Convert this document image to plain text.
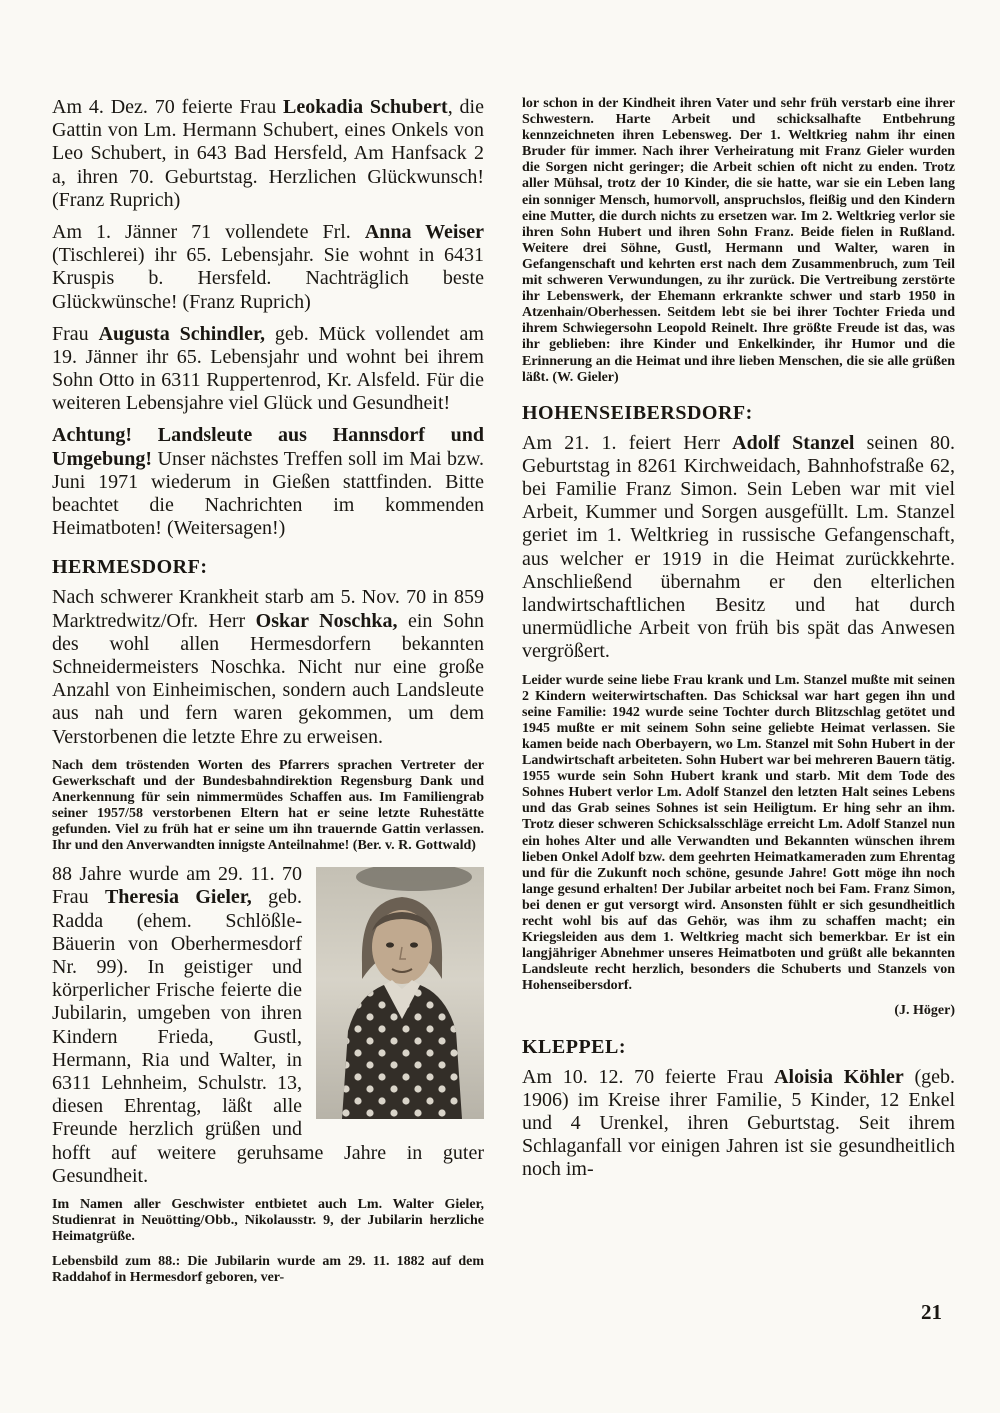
Am 4. Dez. 70 feierte Frau Leokadia Schubert, die Gattin von Lm. Hermann Schubert, eines Onkels von Leo Schubert, in 643 Bad Hersfeld, Am Hanfsack 2 a, ihren 70. Geburtstag. Herzlichen Glückwunsch! (Franz Ruprich)

Am 1. Jänner 71 vollendete Frl. Anna Weiser (Tischlerei) ihr 65. Lebensjahr. Sie wohnt in 6431 Kruspis b. Hersfeld. Nachträglich beste Glückwünsche! (Franz Ruprich)

Frau Augusta Schindler, geb. Mück vollendet am 19. Jänner ihr 65. Lebensjahr und wohnt bei ihrem Sohn Otto in 6311 Ruppertenrod, Kr. Alsfeld. Für die weiteren Lebensjahre viel Glück und Gesundheit!

Achtung! Landsleute aus Hannsdorf und Umgebung! Unser nächstes Treffen soll im Mai bzw. Juni 1971 wiederum in Gießen stattfinden. Bitte beachtet die Nachrichten im kommenden Heimatboten! (Weitersagen!)

HERMESDORF:

Nach schwerer Krankheit starb am 5. Nov. 70 in 859 Marktredwitz/Ofr. Herr Oskar Noschka, ein Sohn des wohl allen Hermesdorfern bekannten Schneidermeisters Noschka. Nicht nur eine große Anzahl von Einheimischen, sondern auch Landsleute aus nah und fern waren gekommen, um dem Verstorbenen die letzte Ehre zu erweisen.

Nach dem tröstenden Worten des Pfarrers sprachen Vertreter der Gewerkschaft und der Bundesbahndirektion Regensburg Dank und Anerkennung für sein nimmermüdes Schaffen aus. Im Familiengrab seiner 1957/58 verstorbenen Eltern hat er seine letzte Ruhestätte gefunden. Viel zu früh hat er seine um ihn trauernde Gattin verlassen. Ihr und den Anverwandten innigste Anteilnahme! (Ber. v. R. Gottwald)

88 Jahre wurde am 29. 11. 70 Frau Theresia Gieler, geb. Radda (ehem. Schlößle-Bäuerin von Oberhermesdorf Nr. 99). In geistiger und körperlicher Frische feierte die Jubilarin, umgeben von ihren Kindern Frieda, Gustl, Hermann, Ria und Walter, in 6311 Lehnheim, Schulstr. 13, diesen Ehrentag, läßt alle Freunde herzlich grüßen und hofft auf weitere geruhsame Jahre in guter Gesundheit.

Im Namen aller Geschwister entbietet auch Lm. Walter Gieler, Studienrat in Neuötting/Obb., Nikolausstr. 9, der Jubilarin herzliche Heimatgrüße.

Lebensbild zum 88.: Die Jubilarin wurde am 29. 11. 1882 auf dem Raddahof in Hermesdorf geboren, ver-

lor schon in der Kindheit ihren Vater und sehr früh verstarb eine ihrer Schwestern. Harte Arbeit und schicksalhafte Entbehrung kennzeichneten ihren Lebensweg. Der 1. Weltkrieg nahm ihr einen Bruder für immer. Nach ihrer Verheiratung mit Franz Gieler wurden die Sorgen nicht geringer; die Arbeit schien oft nicht zu enden. Trotz aller Mühsal, trotz der 10 Kinder, die sie hatte, war sie ein Leben lang ein sonniger Mensch, humorvoll, anspruchslos, fleißig und den Kindern eine Mutter, die durch nichts zu ersetzen war. Im 2. Weltkrieg verlor sie ihren Sohn Hubert und ihren Sohn Franz. Beide fielen in Rußland. Weitere drei Söhne, Gustl, Hermann und Walter, waren in Gefangenschaft und kehrten erst nach dem Zusammenbruch, zum Teil mit schweren Verwundungen, zu ihr zurück. Die Vertreibung zerstörte ihr Lebenswerk, der Ehemann erkrankte schwer und starb 1950 in Atzenhain/Oberhessen. Seitdem lebt sie bei ihrer Tochter Frieda und ihrem Schwiegersohn Leopold Reinelt. Ihre größte Freude ist das, was ihr geblieben: ihre Kinder und Enkelkinder, ihr Humor und die Erinnerung an die Heimat und ihre lieben Menschen, die sie alle grüßen läßt. (W. Gieler)

HOHENSEIBERSDORF:

Am 21. 1. feiert Herr Adolf Stanzel seinen 80. Geburtstag in 8261 Kirchweidach, Bahnhofstraße 62, bei Familie Franz Simon. Sein Leben war mit viel Arbeit, Kummer und Sorgen ausgefüllt. Lm. Stanzel geriet im 1. Weltkrieg in russische Gefangenschaft, aus welcher er 1919 in die Heimat zurückkehrte. Anschließend übernahm er den elterlichen landwirtschaftlichen Besitz und hat durch unermüdliche Arbeit von früh bis spät das Anwesen vergrößert.

Leider wurde seine liebe Frau krank und Lm. Stanzel mußte mit seinen 2 Kindern weiterwirtschaften. Das Schicksal war hart gegen ihn und seine Familie: 1942 wurde seine Tochter durch Blitzschlag getötet und 1945 mußte er mit seinem Sohn seine geliebte Heimat verlassen. Sie kamen beide nach Oberbayern, wo Lm. Stanzel mit Sohn Hubert in der Landwirtschaft arbeiteten. Sohn Hubert war bei mehreren Bauern tätig. 1955 wurde sein Sohn Hubert krank und starb. Mit dem Tode des Sohnes Hubert verlor Lm. Adolf Stanzel den letzten Halt seines Lebens und das Grab seines Sohnes ist sein Heiligtum. Er hing sehr an ihm. Trotz dieser schweren Schicksalsschläge erreicht Lm. Adolf Stanzel nun ein hohes Alter und alle Verwandten und Bekannten wünschen ihrem lieben Onkel Adolf bzw. dem geehrten Heimatkameraden zum Ehrentag und für die Zukunft noch schöne, gesunde Jahre! Gott möge ihn noch lange gesund erhalten! Der Jubilar arbeitet noch bei Fam. Franz Simon, bei denen er gut versorgt wird. Ansonsten fühlt er sich gesundheitlich recht wohl bis auf das Gehör, was ihm zu schaffen macht; ein Kriegsleiden aus dem 1. Weltkrieg macht sich bemerkbar. Er ist ein langjähriger Abnehmer unseres Heimatboten und grüßt alle bekannten Landsleute recht herzlich, besonders die Schuberts und Stanzels von Hohenseibersdorf.

(J. Höger)

KLEPPEL:

Am 10. 12. 70 feierte Frau Aloisia Köhler (geb. 1906) im Kreise ihrer Familie, 5 Kinder, 12 Enkel und 4 Urenkel, ihren Geburtstag. Seit ihrem Schlaganfall vor einigen Jahren ist sie gesundheitlich noch im-

21
